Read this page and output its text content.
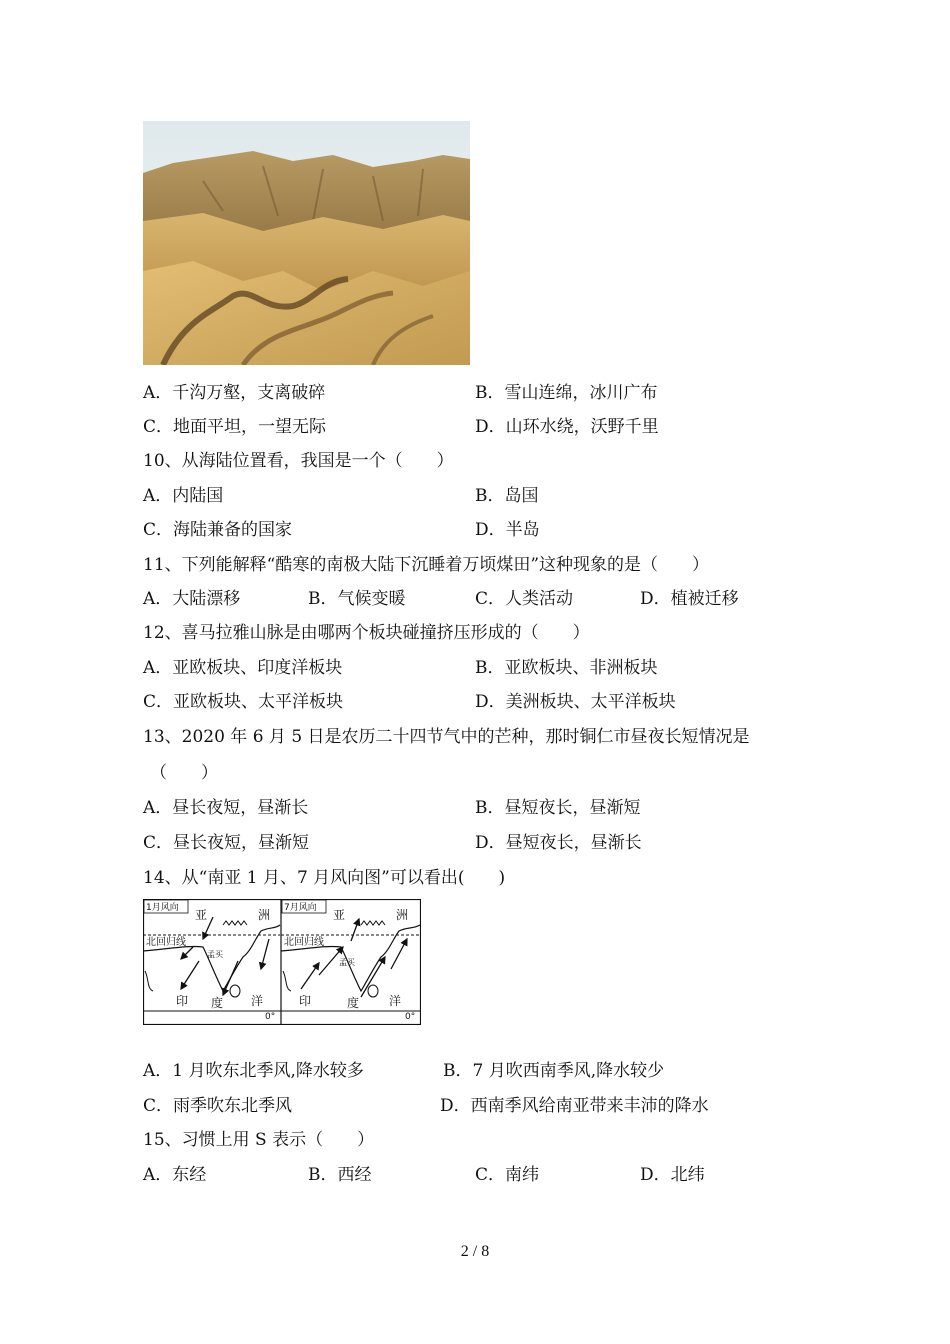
A．千沟万壑，支离破碎	B．雪山连绵，冰川广布
C．地面平坦，一望无际	D．山环水绕，沃野千里
10、从海陆位置看，我国是一个（　　）
A．内陆国	B．岛国
C．海陆兼备的国家	D．半岛
11、下列能解释“酷寒的南极大陆下沉睡着万顷煤田”这种现象的是（　　）
A．大陆漂移	B．气候变暖	C．人类活动	D．植被迁移
12、喜马拉雅山脉是由哪两个板块碰撞挤压形成的（　　）
A．亚欧板块、印度洋板块	B．亚欧板块、非洲板块
C．亚欧板块、太平洋板块	D．美洲板块、太平洋板块
13、2020 年 6 月 5 日是农历二十四节气中的芒种，那时铜仁市昼夜长短情况是
（　　）
A．昼长夜短，昼渐长	B．昼短夜长，昼渐短
C．昼长夜短，昼渐短	D．昼短夜长，昼渐长
14、从“南亚 1 月、7 月风向图”可以看出(　　)
1月风向 亚	洲
北回归线
孟买
印 度 洋
0°
7月风向 亚	洲
北回归线
孟买
印	度 洋
0°
A．1 月吹东北季风,降水较多	B．7 月吹西南季风,降水较少
C．雨季吹东北季风	D．西南季风给南亚带来丰沛的降水
15、习惯上用 S 表示（　　）
A．东经	B．西经	C．南纬	D．北纬
2 / 8
